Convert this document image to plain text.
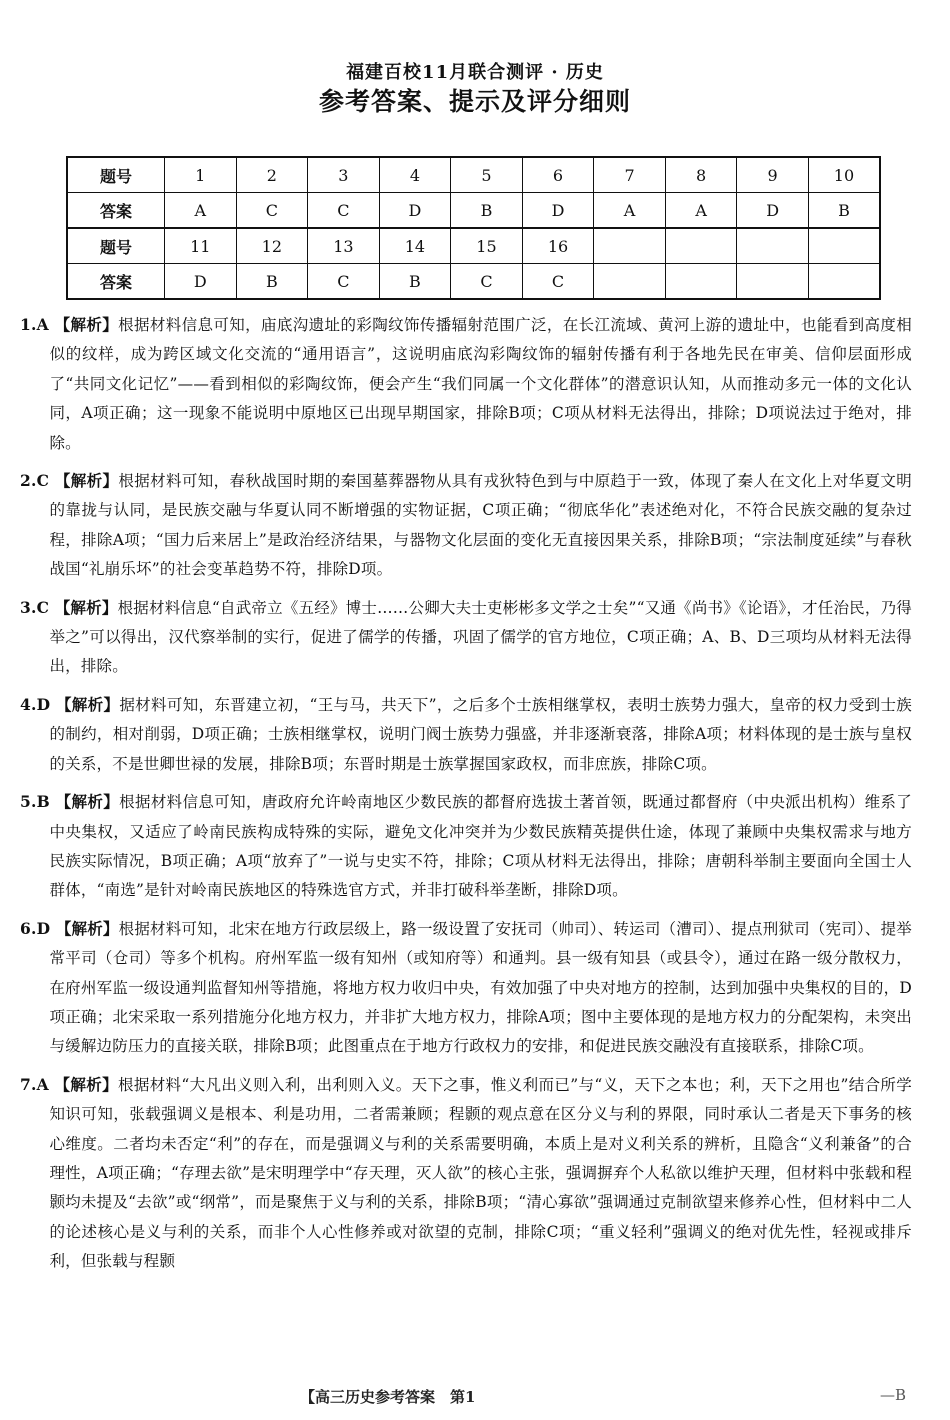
福建百校11月联合测评 · 历史
参考答案、提示及评分细则
题号	1	2	3	4	5	6	7	8	9	10
答案	A	C	C	D	B	D	A	A	D	B
题号	11	12	13	14	15	16				
答案	D	B	C	B	C	C				
1.A 【解析】根据材料信息可知，庙底沟遗址的彩陶纹饰传播辐射范围广泛，在长江流域、黄河上游的遗址中，也能看到高度相似的纹样，成为跨区域文化交流的“通用语言”，这说明庙底沟彩陶纹饰的辐射传播有利于各地先民在审美、信仰层面形成了“共同文化记忆”——看到相似的彩陶纹饰，便会产生“我们同属一个文化群体”的潜意识认知，从而推动多元一体的文化认同，A项正确；这一现象不能说明中原地区已出现早期国家，排除B项；C项从材料无法得出，排除；D项说法过于绝对，排除。
2.C 【解析】根据材料可知，春秋战国时期的秦国墓葬器物从具有戎狄特色到与中原趋于一致，体现了秦人在文化上对华夏文明的靠拢与认同，是民族交融与华夏认同不断增强的实物证据，C项正确；“彻底华化”表述绝对化，不符合民族交融的复杂过程，排除A项；“国力后来居上”是政治经济结果，与器物文化层面的变化无直接因果关系，排除B项；“宗法制度延续”与春秋战国“礼崩乐坏”的社会变革趋势不符，排除D项。
3.C 【解析】根据材料信息“自武帝立《五经》博士……公卿大夫士吏彬彬多文学之士矣”“又通《尚书》《论语》，才任治民，乃得举之”可以得出，汉代察举制的实行，促进了儒学的传播，巩固了儒学的官方地位，C项正确；A、B、D三项均从材料无法得出，排除。
4.D 【解析】据材料可知，东晋建立初，“王与马，共天下”，之后多个士族相继掌权，表明士族势力强大，皇帝的权力受到士族的制约，相对削弱，D项正确；士族相继掌权，说明门阀士族势力强盛，并非逐渐衰落，排除A项；材料体现的是士族与皇权的关系，不是世卿世禄的发展，排除B项；东晋时期是士族掌握国家政权，而非庶族，排除C项。
5.B 【解析】根据材料信息可知，唐政府允许岭南地区少数民族的都督府选拔土著首领，既通过都督府（中央派出机构）维系了中央集权，又适应了岭南民族构成特殊的实际，避免文化冲突并为少数民族精英提供仕途，体现了兼顾中央集权需求与地方民族实际情况，B项正确；A项“放弃了”一说与史实不符，排除；C项从材料无法得出，排除；唐朝科举制主要面向全国士人群体，“南选”是针对岭南民族地区的特殊选官方式，并非打破科举垄断，排除D项。
6.D 【解析】根据材料可知，北宋在地方行政层级上，路一级设置了安抚司（帅司）、转运司（漕司）、提点刑狱司（宪司）、提举常平司（仓司）等多个机构。府州军监一级有知州（或知府等）和通判。县一级有知县（或县令），通过在路一级分散权力，在府州军监一级设通判监督知州等措施，将地方权力收归中央，有效加强了中央对地方的控制，达到加强中央集权的目的，D项正确；北宋采取一系列措施分化地方权力，并非扩大地方权力，排除A项；图中主要体现的是地方权力的分配架构，未突出与缓解边防压力的直接关联，排除B项；此图重点在于地方行政权力的安排，和促进民族交融没有直接联系，排除C项。
7.A 【解析】根据材料“大凡出义则入利，出利则入义。天下之事，惟义利而已”与“义，天下之本也；利，天下之用也”结合所学知识可知，张载强调义是根本、利是功用，二者需兼顾；程颢的观点意在区分义与利的界限，同时承认二者是天下事务的核心维度。二者均未否定“利”的存在，而是强调义与利的关系需要明确，本质上是对义利关系的辨析，且隐含“义利兼备”的合理性，A项正确；“存理去欲”是宋明理学中“存天理，灭人欲”的核心主张，强调摒弃个人私欲以维护天理，但材料中张载和程颢均未提及“去欲”或“纲常”，而是聚焦于义与利的关系，排除B项；“清心寡欲”强调通过克制欲望来修养心性，但材料中二人的论述核心是义与利的关系，而非个人心性修养或对欲望的克制，排除C项；“重义轻利”强调义的绝对优先性，轻视或排斥利，但张载与程颢
【高三历史参考答案　第1	—B
